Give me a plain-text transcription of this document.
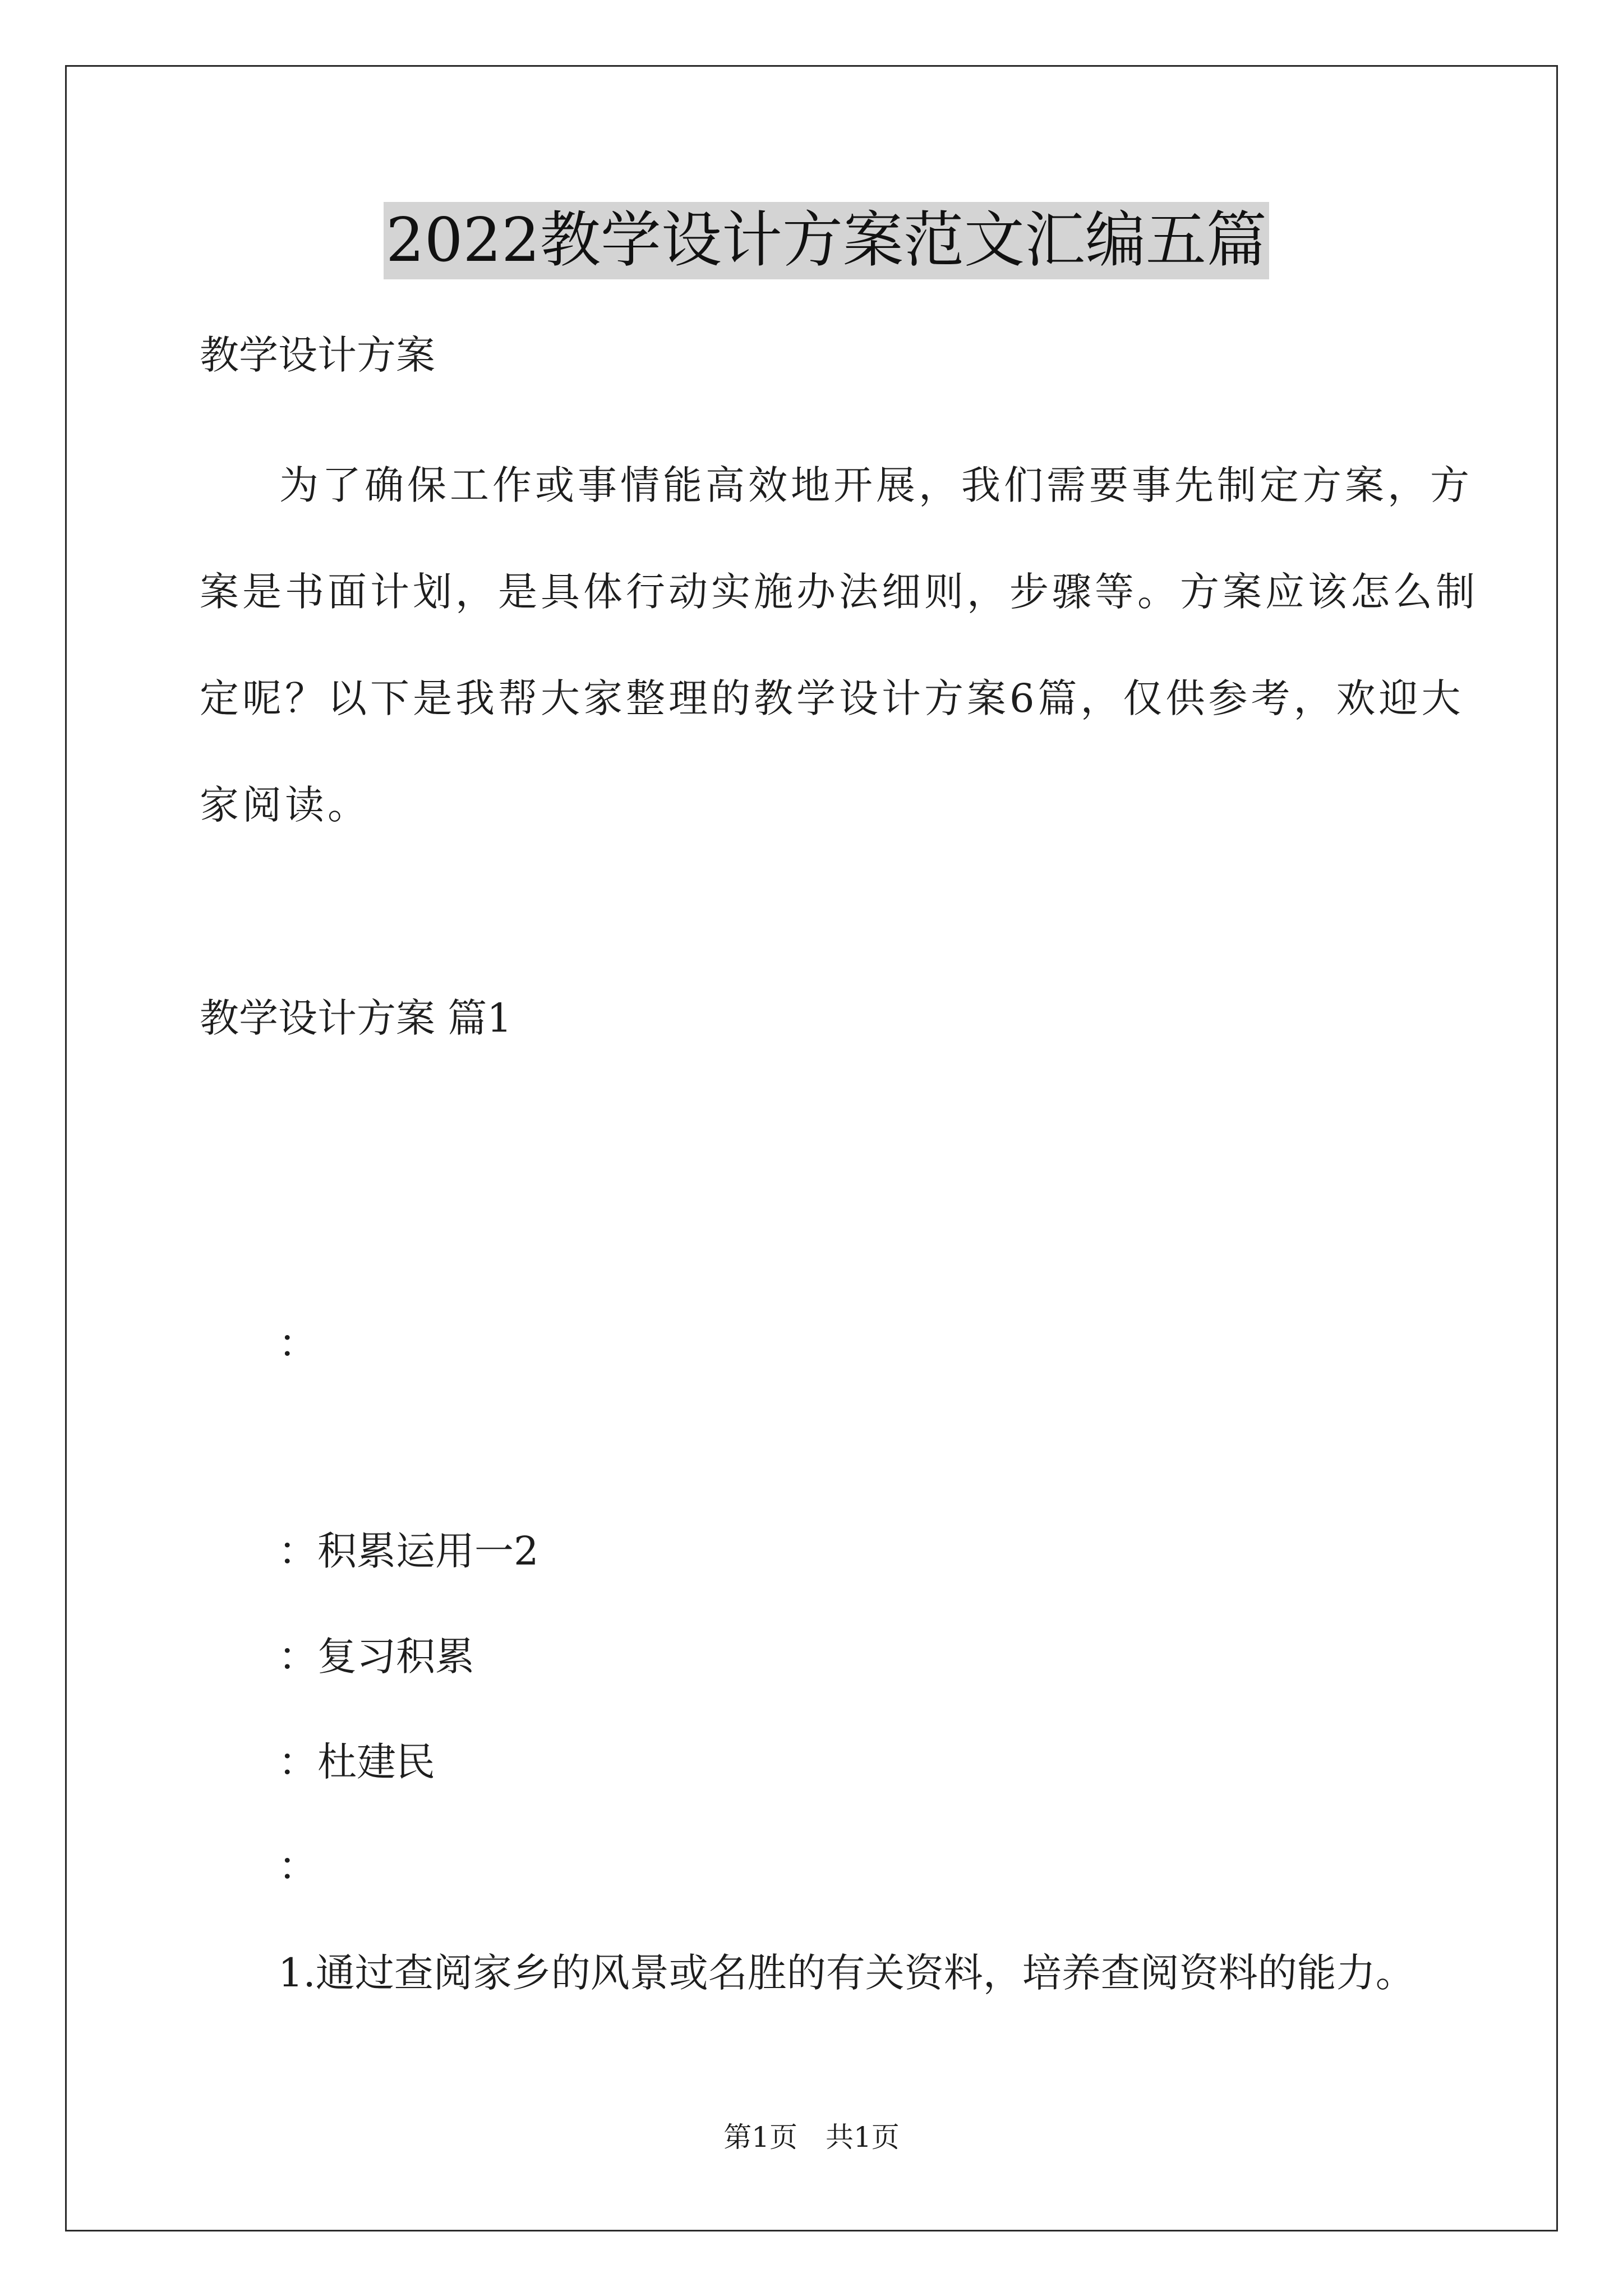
2022教学设计方案范文汇编五篇
教学设计方案
为了确保工作或事情能高效地开展，我们需要事先制定方案，方
案是书面计划，是具体行动实施办法细则，步骤等。方案应该怎么制
定呢？以下是我帮大家整理的教学设计方案6篇，仅供参考，欢迎大
家阅读。
教学设计方案 篇1
：
：积累运用一2
：复习积累
：杜建民
：
1.通过查阅家乡的风景或名胜的有关资料，培养查阅资料的能力。
第1页 共1页
